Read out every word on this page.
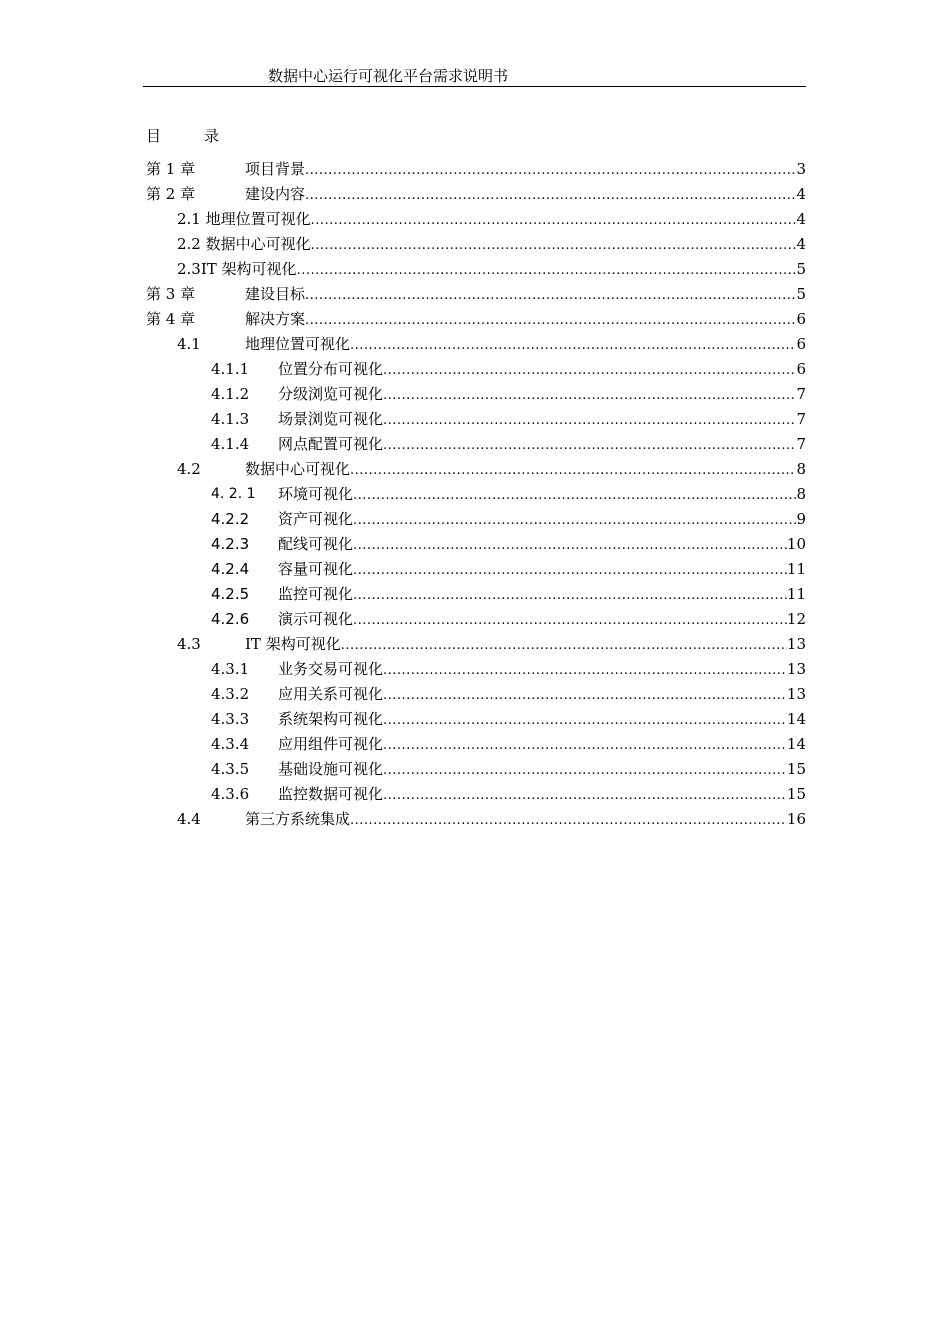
数据中心运行可视化平台需求说明书
目	录
第 1 章	项目背景 .....	3
第 2 章	建设内容 .....	4
2.1 地理位置可视化 .....	4
2.2 数据中心可视化 .....	4
2.3IT 架构可视化 .....	5
第 3 章	建设目标 .....	5
第 4 章	解决方案 .....	6
4.1	地理位置可视化 .....	6
4.1.1 位置分布可视化 .....	6
4.1.2 分级浏览可视化 .....	7
4.1.3 场景浏览可视化 .....	7
4.1.4 网点配置可视化 .....	7
4.2	数据中心可视化 .....	8
4. 2. 1 环境可视化 .....	8
4.2.2 资产可视化 .....	9
4.2.3 配线可视化 .....	10
4.2.4 容量可视化 .....	11
4.2.5 监控可视化 .....	11
4.2.6 演示可视化 .....	12
4.3	IT 架构可视化 .....	13
4.3.1 业务交易可视化 .....	13
4.3.2 应用关系可视化 .....	13
4.3.3 系统架构可视化 .....	14
4.3.4 应用组件可视化 .....	14
4.3.5 基础设施可视化 .....	15
4.3.6 监控数据可视化 .....	15
4.4	第三方系统集成 .....	16
